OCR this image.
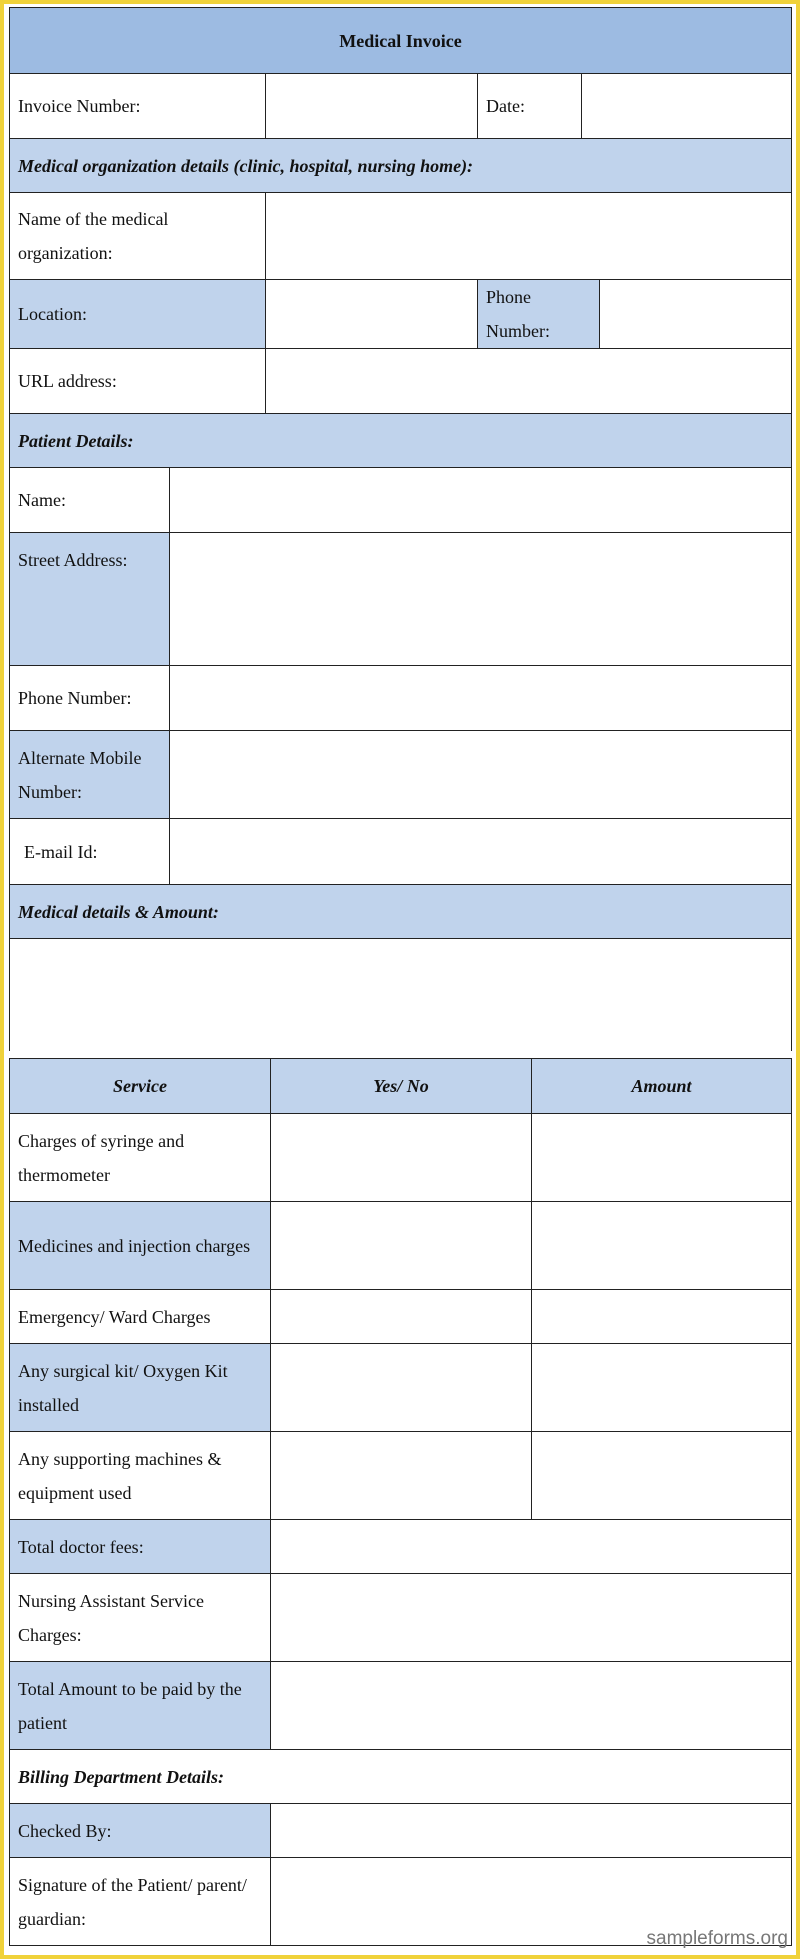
Medical Invoice					
Invoice Number:			Date:		
Medical organization details (clinic, hospital, nursing home):					
Name of the medical organization:					
Location:			Phone Number:		
URL address:					
Patient Details:					
Name:					
Street Address:					
Phone Number:					
Alternate Mobile Number:					
E-mail Id:					
Medical details & Amount:					

Service	Yes/ No	Amount
Charges of syringe and thermometer		
Medicines and injection charges		
Emergency/ Ward Charges		
Any surgical kit/ Oxygen Kit installed		
Any supporting machines & equipment used		
Total doctor fees:		
Nursing Assistant Service Charges:		
Total Amount to be paid by the patient		
Billing Department Details:		
Checked By:		
Signature of the Patient/ parent/ guardian:		
sampleforms.org
